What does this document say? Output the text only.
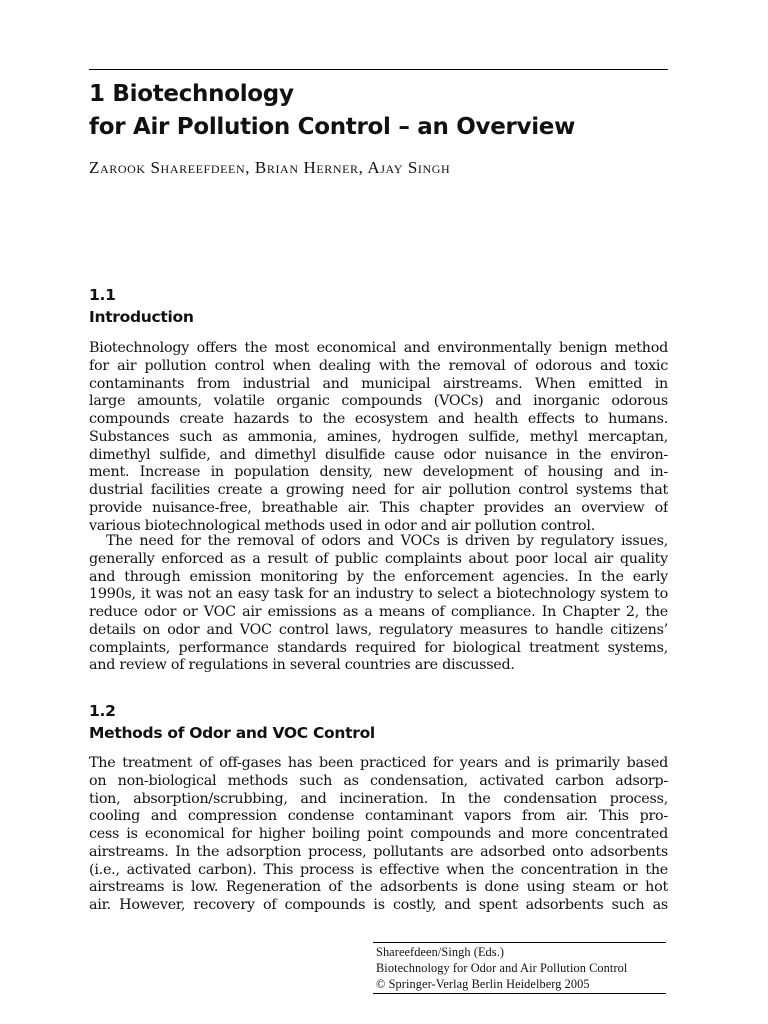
1 Biotechnology
for Air Pollution Control – an Overview

Zarook Shareefdeen, Brian Herner, Ajay Singh

1.1
Introduction
Biotechnology offers the most economical and environmentally benign method
for air pollution control when dealing with the removal of odorous and toxic
contaminants from industrial and municipal airstreams. When emitted in
large amounts, volatile organic compounds (VOCs) and inorganic odorous
compounds create hazards to the ecosystem and health effects to humans.
Substances such as ammonia, amines, hydrogen sulfide, methyl mercaptan,
dimethyl sulfide, and dimethyl disulfide cause odor nuisance in the environ-
ment. Increase in population density, new development of housing and in-
dustrial facilities create a growing need for air pollution control systems that
provide nuisance-free, breathable air. This chapter provides an overview of
various biotechnological methods used in odor and air pollution control.
The need for the removal of odors and VOCs is driven by regulatory issues,
generally enforced as a result of public complaints about poor local air quality
and through emission monitoring by the enforcement agencies. In the early
1990s, it was not an easy task for an industry to select a biotechnology system to
reduce odor or VOC air emissions as a means of compliance. In Chapter 2, the
details on odor and VOC control laws, regulatory measures to handle citizens’
complaints, performance standards required for biological treatment systems,
and review of regulations in several countries are discussed.
1.2
Methods of Odor and VOC Control
The treatment of off-gases has been practiced for years and is primarily based
on non-biological methods such as condensation, activated carbon adsorp-
tion, absorption/scrubbing, and incineration. In the condensation process,
cooling and compression condense contaminant vapors from air. This pro-
cess is economical for higher boiling point compounds and more concentrated
airstreams. In the adsorption process, pollutants are adsorbed onto adsorbents
(i.e., activated carbon). This process is effective when the concentration in the
airstreams is low. Regeneration of the adsorbents is done using steam or hot
air. However, recovery of compounds is costly, and spent adsorbents such as
Shareefdeen/Singh (Eds.)
Biotechnology for Odor and Air Pollution Control
© Springer-Verlag Berlin Heidelberg 2005
